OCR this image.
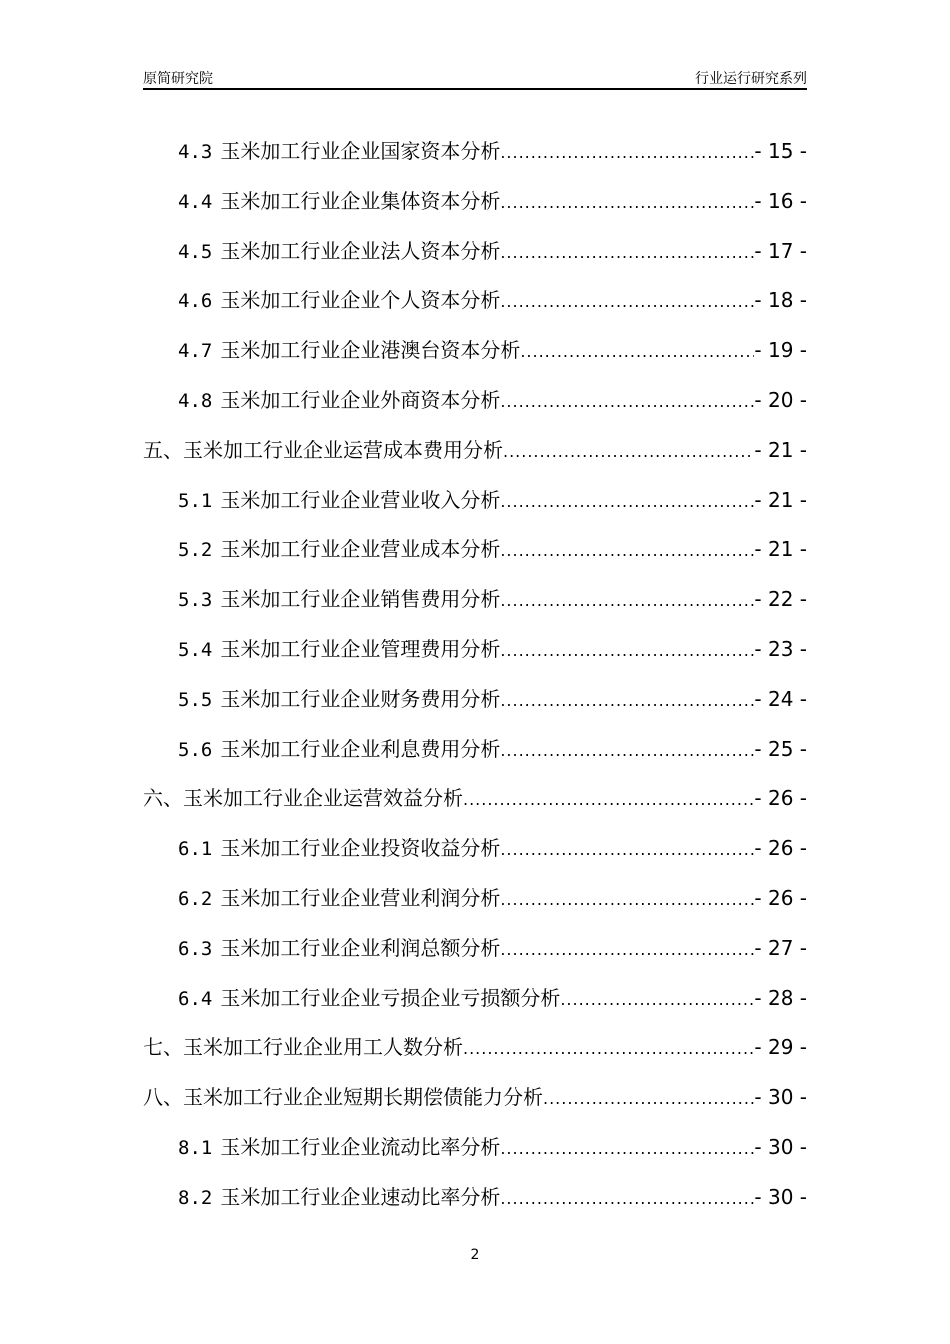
原简研究院	行业运行研究系列
4.3 玉米加工行业企业国家资本分析 .....	- 15 -
4.4 玉米加工行业企业集体资本分析 .....	- 16 -
4.5 玉米加工行业企业法人资本分析 .....	- 17 -
4.6 玉米加工行业企业个人资本分析 .....	- 18 -
4.7 玉米加工行业企业港澳台资本分析 .....	- 19 -
4.8 玉米加工行业企业外商资本分析 .....	- 20 -
五、玉米加工行业企业运营成本费用分析 .....	- 21 -
5.1 玉米加工行业企业营业收入分析 .....	- 21 -
5.2 玉米加工行业企业营业成本分析 .....	- 21 -
5.3 玉米加工行业企业销售费用分析 .....	- 22 -
5.4 玉米加工行业企业管理费用分析 .....	- 23 -
5.5 玉米加工行业企业财务费用分析 .....	- 24 -
5.6 玉米加工行业企业利息费用分析 .....	- 25 -
六、玉米加工行业企业运营效益分析 .....	- 26 -
6.1 玉米加工行业企业投资收益分析 .....	- 26 -
6.2 玉米加工行业企业营业利润分析 .....	- 26 -
6.3 玉米加工行业企业利润总额分析 .....	- 27 -
6.4 玉米加工行业企业亏损企业亏损额分析 .....	- 28 -
七、玉米加工行业企业用工人数分析 .....	- 29 -
八、玉米加工行业企业短期长期偿债能力分析 .....	- 30 -
8.1 玉米加工行业企业流动比率分析 .....	- 30 -
8.2 玉米加工行业企业速动比率分析 .....	- 30 -
2
